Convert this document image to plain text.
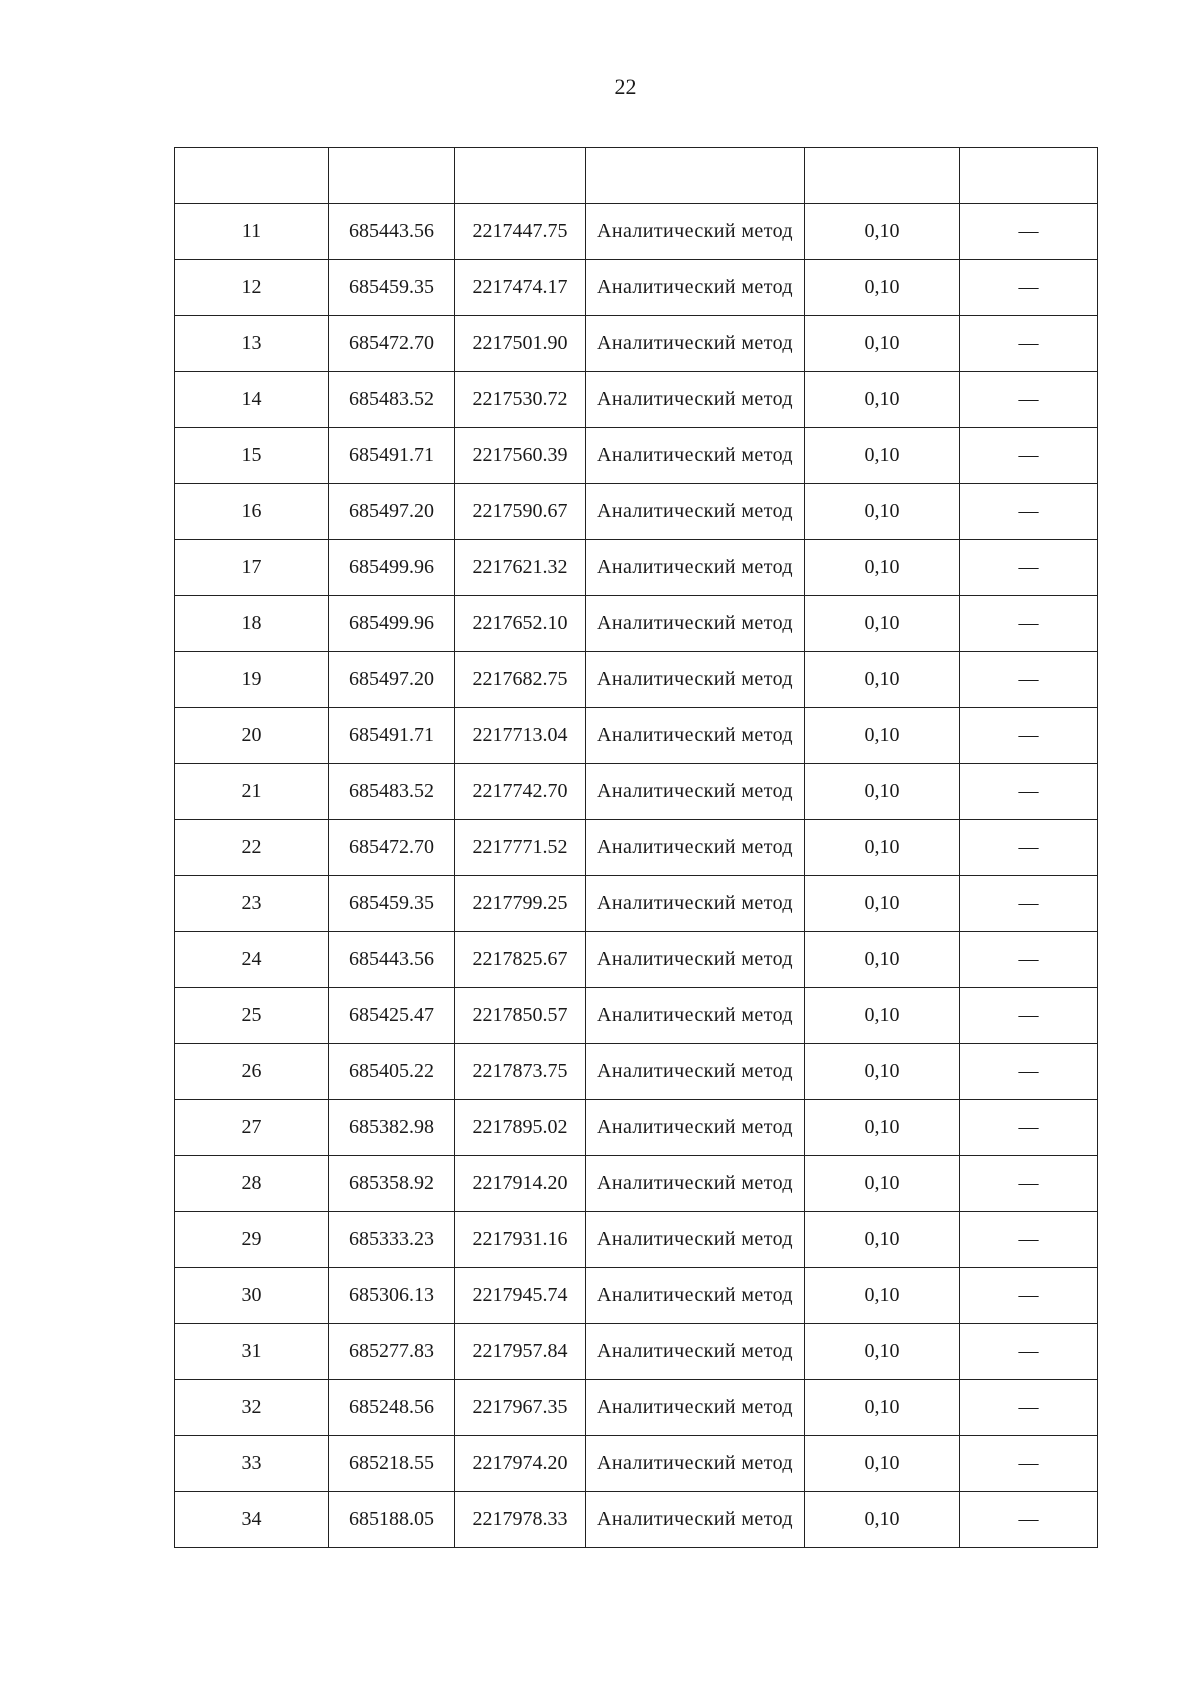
22

11	685443.56	2217447.75	Аналитический метод	0,10	—
12	685459.35	2217474.17	Аналитический метод	0,10	—
13	685472.70	2217501.90	Аналитический метод	0,10	—
14	685483.52	2217530.72	Аналитический метод	0,10	—
15	685491.71	2217560.39	Аналитический метод	0,10	—
16	685497.20	2217590.67	Аналитический метод	0,10	—
17	685499.96	2217621.32	Аналитический метод	0,10	—
18	685499.96	2217652.10	Аналитический метод	0,10	—
19	685497.20	2217682.75	Аналитический метод	0,10	—
20	685491.71	2217713.04	Аналитический метод	0,10	—
21	685483.52	2217742.70	Аналитический метод	0,10	—
22	685472.70	2217771.52	Аналитический метод	0,10	—
23	685459.35	2217799.25	Аналитический метод	0,10	—
24	685443.56	2217825.67	Аналитический метод	0,10	—
25	685425.47	2217850.57	Аналитический метод	0,10	—
26	685405.22	2217873.75	Аналитический метод	0,10	—
27	685382.98	2217895.02	Аналитический метод	0,10	—
28	685358.92	2217914.20	Аналитический метод	0,10	—
29	685333.23	2217931.16	Аналитический метод	0,10	—
30	685306.13	2217945.74	Аналитический метод	0,10	—
31	685277.83	2217957.84	Аналитический метод	0,10	—
32	685248.56	2217967.35	Аналитический метод	0,10	—
33	685218.55	2217974.20	Аналитический метод	0,10	—
34	685188.05	2217978.33	Аналитический метод	0,10	—
